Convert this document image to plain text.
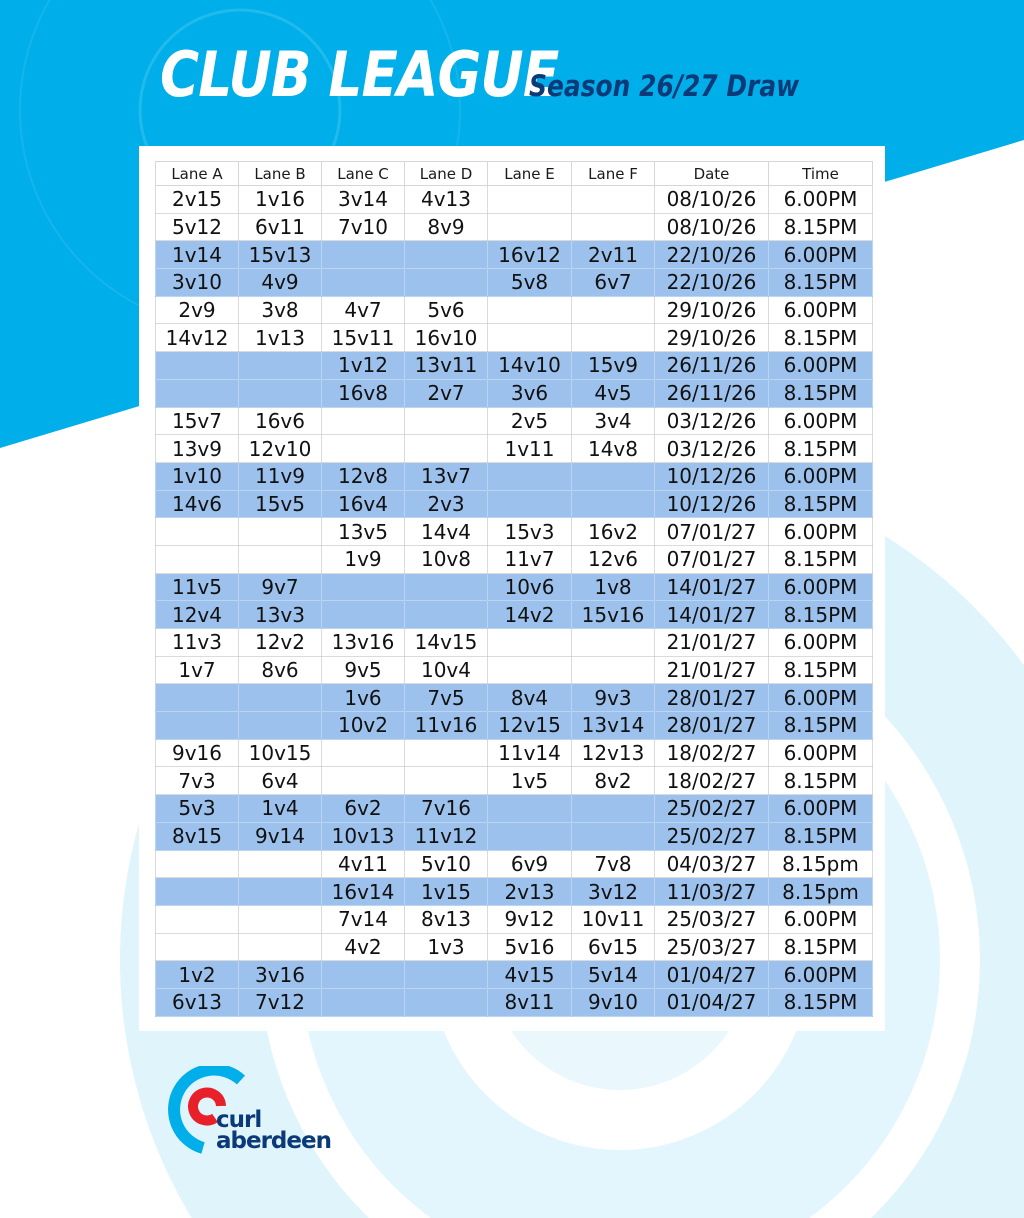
CLUB LEAGUE
Season 26/27 Draw
Lane A	Lane B	Lane C	Lane D	Lane E	Lane F	Date	Time
2v15	1v16	3v14	4v13			08/10/26	6.00PM
5v12	6v11	7v10	8v9			08/10/26	8.15PM
1v14	15v13			16v12	2v11	22/10/26	6.00PM
3v10	4v9			5v8	6v7	22/10/26	8.15PM
2v9	3v8	4v7	5v6			29/10/26	6.00PM
14v12	1v13	15v11	16v10			29/10/26	8.15PM
		1v12	13v11	14v10	15v9	26/11/26	6.00PM
		16v8	2v7	3v6	4v5	26/11/26	8.15PM
15v7	16v6			2v5	3v4	03/12/26	6.00PM
13v9	12v10			1v11	14v8	03/12/26	8.15PM
1v10	11v9	12v8	13v7			10/12/26	6.00PM
14v6	15v5	16v4	2v3			10/12/26	8.15PM
		13v5	14v4	15v3	16v2	07/01/27	6.00PM
		1v9	10v8	11v7	12v6	07/01/27	8.15PM
11v5	9v7			10v6	1v8	14/01/27	6.00PM
12v4	13v3			14v2	15v16	14/01/27	8.15PM
11v3	12v2	13v16	14v15			21/01/27	6.00PM
1v7	8v6	9v5	10v4			21/01/27	8.15PM
		1v6	7v5	8v4	9v3	28/01/27	6.00PM
		10v2	11v16	12v15	13v14	28/01/27	8.15PM
9v16	10v15			11v14	12v13	18/02/27	6.00PM
7v3	6v4			1v5	8v2	18/02/27	8.15PM
5v3	1v4	6v2	7v16			25/02/27	6.00PM
8v15	9v14	10v13	11v12			25/02/27	8.15PM
		4v11	5v10	6v9	7v8	04/03/27	8.15pm
		16v14	1v15	2v13	3v12	11/03/27	8.15pm
		7v14	8v13	9v12	10v11	25/03/27	6.00PM
		4v2	1v3	5v16	6v15	25/03/27	8.15PM
1v2	3v16			4v15	5v14	01/04/27	6.00PM
6v13	7v12			8v11	9v10	01/04/27	8.15PM
curl
aberdeen
